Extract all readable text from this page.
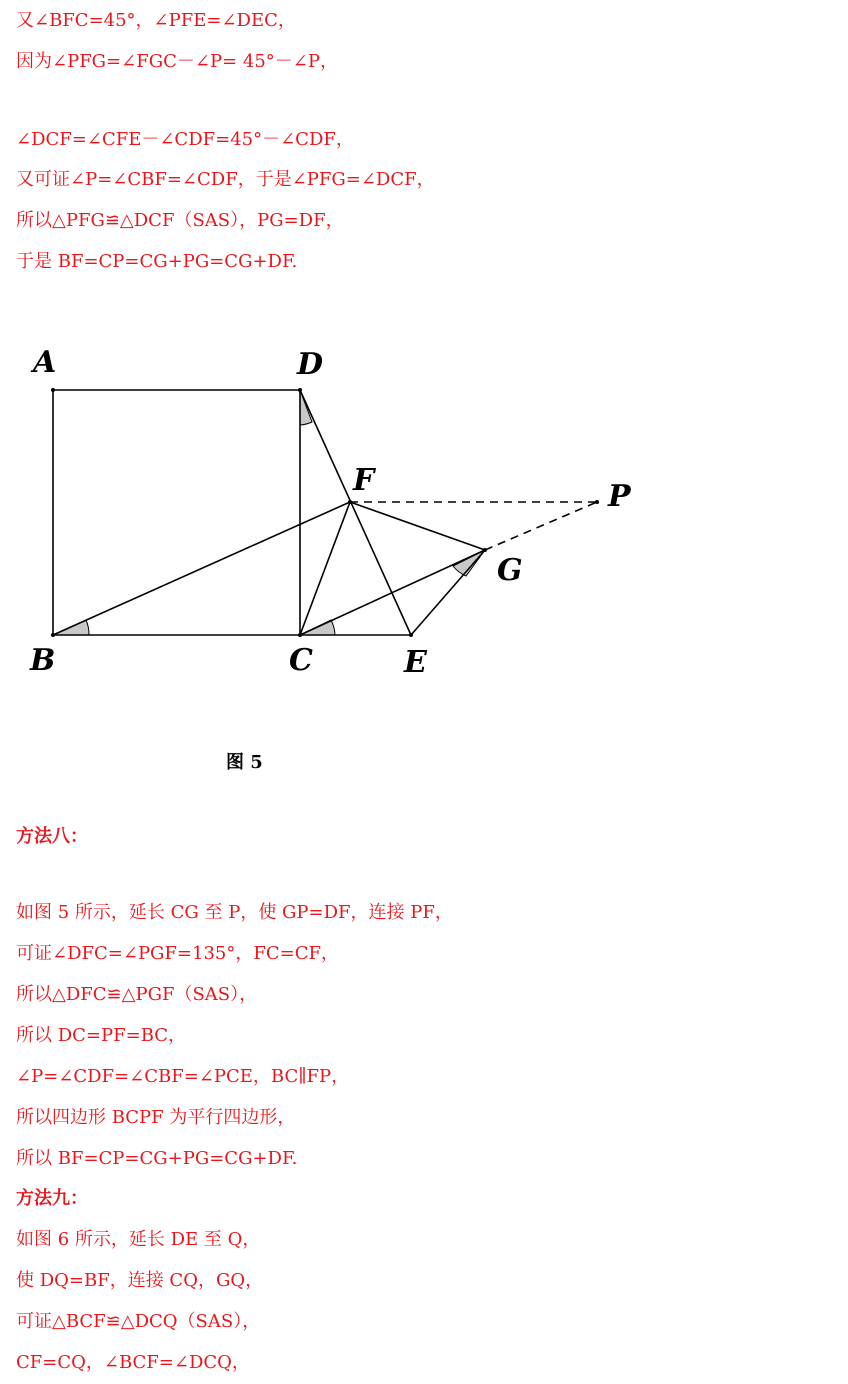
又∠BFC=45°，∠PFE=∠DEC，
因为∠PFG=∠FGC－∠P= 45°－∠P，
∠DCF=∠CFE－∠CDF=45°－∠CDF，
又可证∠P=∠CBF=∠CDF，于是∠PFG=∠DCF，
所以△PFG≌△DCF（SAS），PG=DF，
于是 BF=CP=CG+PG=CG+DF.
A	D
F	P
G
B	C	E
图 5
方法八：
如图 5 所示，延长 CG 至 P，使 GP=DF，连接 PF，
可证∠DFC=∠PGF=135°，FC=CF，
所以△DFC≌△PGF（SAS），
所以 DC=PF=BC，
∠P=∠CDF=∠CBF=∠PCE，BC∥FP，
所以四边形 BCPF 为平行四边形，
所以 BF=CP=CG+PG=CG+DF.
方法九：
如图 6 所示，延长 DE 至 Q，
使 DQ=BF，连接 CQ，GQ，
可证△BCF≌△DCQ（SAS），
CF=CQ，∠BCF=∠DCQ，
